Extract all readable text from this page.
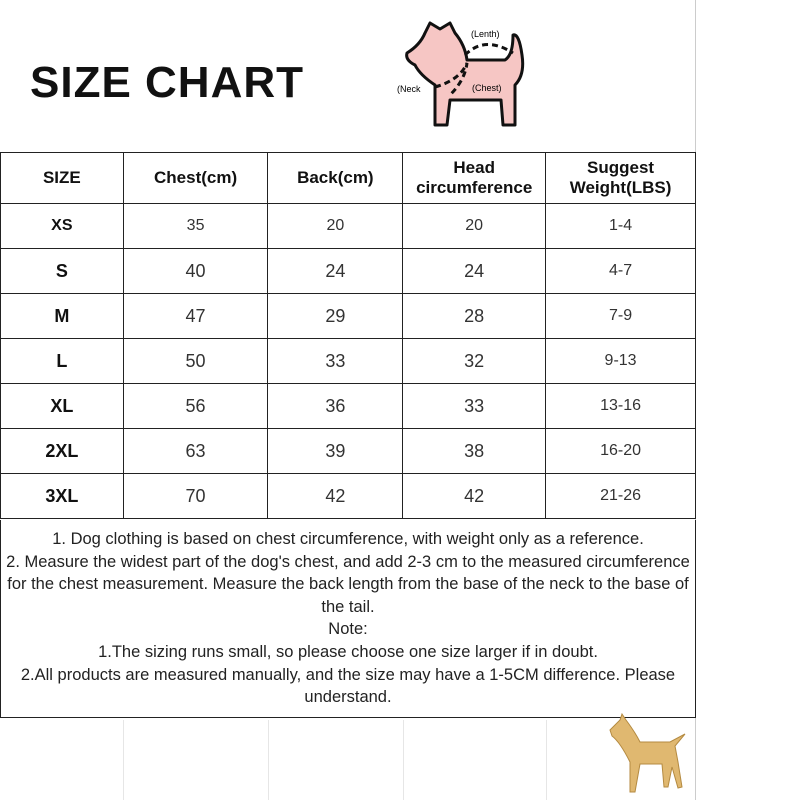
SIZE CHART
(Lenth)
(Neck	(Chest)
SIZE	Chest(cm)	Back(cm)	Head circumference	Suggest Weight(LBS)
XS	35	20	20	1-4
S	40	24	24	4-7
M	47	29	28	7-9
L	50	33	32	9-13
XL	56	36	33	13-16
2XL	63	39	38	16-20
3XL	70	42	42	21-26
1. Dog clothing is based on chest circumference, with weight only as a reference.
2. Measure the widest part of the dog's chest, and add 2-3 cm to the measured circumference for the chest measurement. Measure the back length from the base of the neck to the base of the tail.
Note:
1.The sizing runs small, so please choose one size larger if in doubt.
2.All products are measured manually, and the size may have a 1-5CM difference. Please understand.
